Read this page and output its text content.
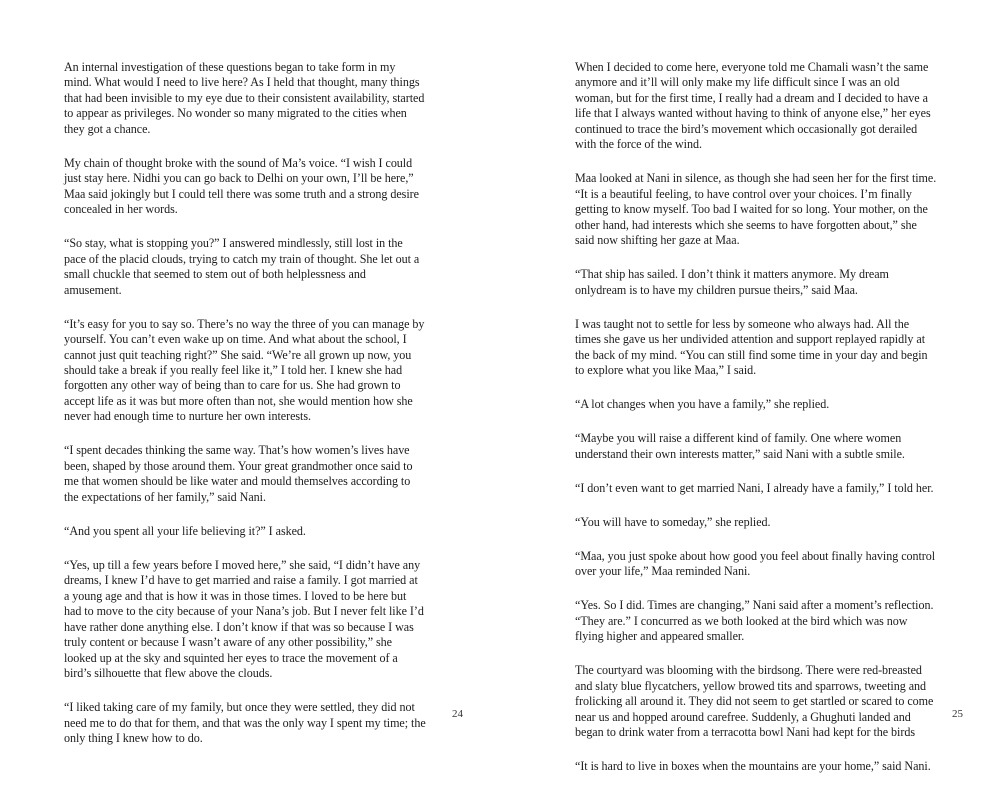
An internal investigation of these questions began to take form in my mind. What would I need to live here? As I held that thought, many things that had been invisible to my eye due to their consistent availability, started to appear as privileges. No wonder so many migrated to the cities when they got a chance.

My chain of thought broke with the sound of Ma’s voice. “I wish I could just stay here. Nidhi you can go back to Delhi on your own, I’ll be here,” Maa said jokingly but I could tell there was some truth and a strong desire concealed in her words.

“So stay, what is stopping you?” I answered mindlessly, still lost in the pace of the placid clouds, trying to catch my train of thought. She let out a small chuckle that seemed to stem out of both helplessness and amusement.

“It’s easy for you to say so. There’s no way the three of you can manage by yourself. You can’t even wake up on time. And what about the school, I cannot just quit teaching right?” She said. “We’re all grown up now, you should take a break if you really feel like it,” I told her. I knew she had forgotten any other way of being than to care for us. She had grown to accept life as it was but more often than not, she would mention how she never had enough time to nurture her own interests.

“I spent decades thinking the same way. That’s how women’s lives have been, shaped by those around them. Your great grandmother once said to me that women should be like water and mould themselves according to the expectations of her family,” said Nani.

“And you spent all your life believing it?” I asked.

“Yes, up till a few years before I moved here,” she said, “I didn’t have any dreams, I knew I’d have to get married and raise a family. I got married at a young age and that is how it was in those times. I loved to be here but had to move to the city because of your Nana’s job. But I never felt like I’d have rather done anything else. I don’t know if that was so because I was truly content or because I wasn’t aware of any other possibility,” she looked up at the sky and squinted her eyes to trace the movement of a bird’s silhouette that flew above the clouds.

“I liked taking care of my family, but once they were settled, they did not need me to do that for them, and that was the only way I spent my time; the only thing I knew how to do.

24

When I decided to come here, everyone told me Chamali wasn’t the same anymore and it’ll will only make my life difficult since I was an old woman, but for the first time, I really had a dream and I decided to have a life that I always wanted without having to think of anyone else,” her eyes continued to trace the bird’s movement which occasionally got derailed with the force of the wind.

Maa looked at Nani in silence, as though she had seen her for the first time. “It is a beautiful feeling, to have control over your choices. I’m finally getting to know myself. Too bad I waited for so long. Your mother, on the other hand, had interests which she seems to have forgotten about,” she said now shifting her gaze at Maa.

“That ship has sailed. I don’t think it matters anymore. My dream onlydream is to have my children pursue theirs,” said Maa.

I was taught not to settle for less by someone who always had. All the times she gave us her undivided attention and support replayed rapidly at the back of my mind. “You can still find some time in your day and begin to explore what you like Maa,” I said.

“A lot changes when you have a family,” she replied.

“Maybe you will raise a different kind of family. One where women understand their own interests matter,” said Nani with a subtle smile.

“I don’t even want to get married Nani, I already have a family,” I told her.

“You will have to someday,” she replied.

“Maa, you just spoke about how good you feel about finally having control over your life,” Maa reminded Nani.

“Yes. So I did. Times are changing,” Nani said after a moment’s reflection. “They are.” I concurred as we both looked at the bird which was now flying higher and appeared smaller.

The courtyard was blooming with the birdsong. There were red-breasted and slaty blue flycatchers, yellow browed tits and sparrows, tweeting and frolicking all around it. They did not seem to get startled or scared to come near us and hopped around carefree. Suddenly, a Ghughuti landed and began to drink water from a terracotta bowl Nani had kept for the birds

“It is hard to live in boxes when the mountains are your home,” said Nani.

25
